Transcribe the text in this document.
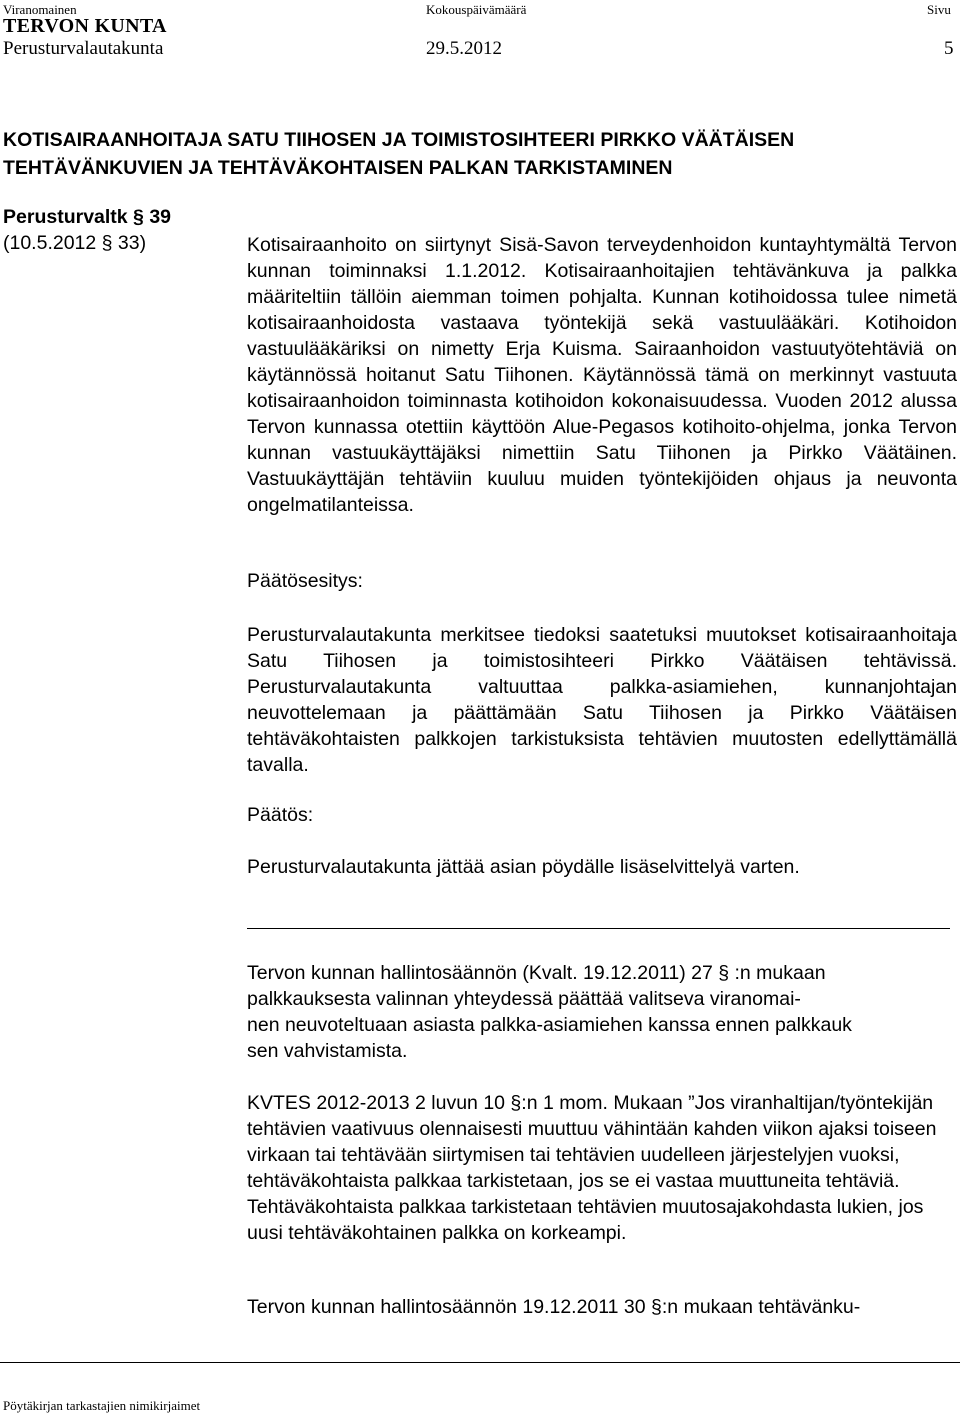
Viranomainen	Kokouspäivämäärä	Sivu
TERVON KUNTA
Perusturvalautakunta	29.5.2012	5
KOTISAIRAANHOITAJA SATU TIIHOSEN JA TOIMISTOSIHTEERI PIRKKO VÄÄTÄISEN
TEHTÄVÄNKUVIEN JA TEHTÄVÄKOHTAISEN PALKAN TARKISTAMINEN
Perusturvaltk § 39
(10.5.2012 § 33)	Kotisairaanhoito on siirtynyt Sisä-Savon terveydenhoidon kuntayhtymältä Tervon kunnan toiminnaksi 1.1.2012. Kotisairaanhoitajien tehtävänkuva ja palkka määriteltiin tällöin aiemman toimen pohjalta. Kunnan kotihoidossa tulee nimetä kotisairaanhoidosta vastaava työntekijä sekä vastuulääkäri. Kotihoidon vastuulääkäriksi on nimetty Erja Kuisma. Sairaanhoidon vastuutyötehtäviä on käytännössä hoitanut Satu Tiihonen. Käytännössä tämä on merkinnyt vastuuta kotisairaanhoidon toiminnasta kotihoidon kokonaisuudessa. Vuoden 2012 alussa Tervon kunnassa otettiin käyttöön Alue-Pegasos kotihoito-ohjelma, jonka Tervon kunnan vastuukäyttäjäksi nimettiin Satu Tiihonen ja Pirkko Väätäinen. Vastuukäyttäjän tehtäviin kuuluu muiden työntekijöiden ohjaus ja neuvonta ongelmatilanteissa.

Päätösesitys:

Perusturvalautakunta merkitsee tiedoksi saatetuksi muutokset kotisairaanhoitaja Satu Tiihosen ja toimistosihteeri Pirkko Väätäisen tehtävissä. Perusturvalautakunta valtuuttaa palkka-asiamiehen, kunnanjohtajan neuvottelemaan ja päättämään Satu Tiihosen ja Pirkko Väätäisen tehtäväkohtaisten palkkojen tarkistuksista tehtävien muutosten edellyttämällä tavalla.

Päätös:
Perusturvalautakunta jättää asian pöydälle lisäselvittelyä varten.
Tervon kunnan hallintosäännön (Kvalt. 19.12.2011) 27 § :n mukaan
palkkauksesta valinnan yhteydessä päättää valitseva viranomai-
nen neuvoteltuaan asiasta palkka-asiamiehen kanssa ennen palkkauk
sen vahvistamista.

KVTES 2012-2013 2 luvun 10 §:n 1 mom. Mukaan ”Jos viranhaltijan/työntekijän tehtävien vaativuus olennaisesti muuttuu vähintään kahden viikon ajaksi toiseen virkaan tai tehtävään siirtymisen tai tehtävien uudelleen järjestelyjen vuoksi, tehtäväkohtaista palkkaa tarkistetaan, jos se ei vastaa muuttuneita tehtäviä. Tehtäväkohtaista palkkaa tarkistetaan tehtävien muutosajakohdasta lukien, jos uusi tehtäväkohtainen palkka on korkeampi.

Tervon kunnan hallintosäännön 19.12.2011 30 §:n mukaan tehtävänku-
Pöytäkirjan tarkastajien nimikirjaimet
